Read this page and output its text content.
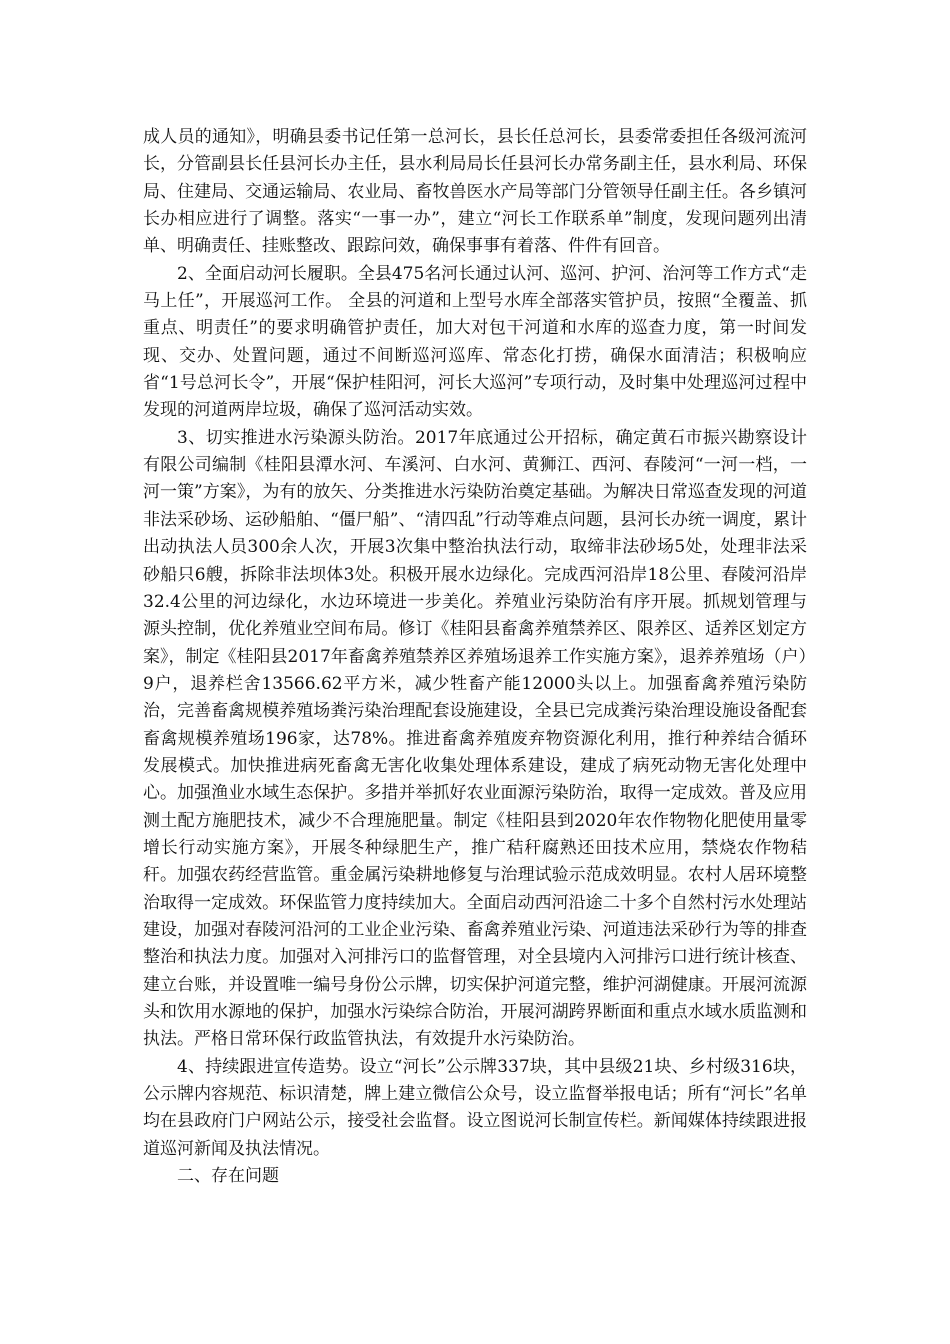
成人员的通知》，明确县委书记任第一总河长，县长任总河长，县委常委担任各级河流河长，分管副县长任县河长办主任，县水利局局长任县河长办常务副主任，县水利局、环保局、住建局、交通运输局、农业局、畜牧兽医水产局等部门分管领导任副主任。各乡镇河长办相应进行了调整。落实“一事一办”，建立“河长工作联系单”制度，发现问题列出清单、明确责任、挂账整改、跟踪问效，确保事事有着落、件件有回音。

2、全面启动河长履职。全县475名河长通过认河、巡河、护河、治河等工作方式“走马上任”，开展巡河工作。 全县的河道和上型号水库全部落实管护员，按照“全覆盖、抓重点、明责任”的要求明确管护责任，加大对包干河道和水库的巡查力度，第一时间发现、交办、处置问题，通过不间断巡河巡库、常态化打捞，确保水面清洁；积极响应省“1号总河长令”，开展“保护桂阳河，河长大巡河”专项行动，及时集中处理巡河过程中发现的河道两岸垃圾，确保了巡河活动实效。

3、切实推进水污染源头防治。2017年底通过公开招标，确定黄石市振兴勘察设计有限公司编制《桂阳县潭水河、车溪河、白水河、黄狮江、西河、春陵河“一河一档，一河一策”方案》，为有的放矢、分类推进水污染防治奠定基础。为解决日常巡查发现的河道非法采砂场、运砂船舶、“僵尸船”、“清四乱”行动等难点问题，县河长办统一调度，累计出动执法人员300余人次，开展3次集中整治执法行动，取缔非法砂场5处，处理非法采砂船只6艘，拆除非法坝体3处。积极开展水边绿化。完成西河沿岸18公里、春陵河沿岸32.4公里的河边绿化，水边环境进一步美化。养殖业污染防治有序开展。抓规划管理与源头控制，优化养殖业空间布局。修订《桂阳县畜禽养殖禁养区、限养区、适养区划定方案》，制定《桂阳县2017年畜禽养殖禁养区养殖场退养工作实施方案》，退养养殖场（户）9户，退养栏舍13566.62平方米，减少牲畜产能12000头以上。加强畜禽养殖污染防治，完善畜禽规模养殖场粪污染治理配套设施建设，全县已完成粪污染治理设施设备配套畜禽规模养殖场196家，达78%。推进畜禽养殖废弃物资源化利用，推行种养结合循环发展模式。加快推进病死畜禽无害化收集处理体系建设，建成了病死动物无害化处理中心。加强渔业水域生态保护。多措并举抓好农业面源污染防治，取得一定成效。普及应用测土配方施肥技术，减少不合理施肥量。制定《桂阳县到2020年农作物物化肥使用量零增长行动实施方案》，开展冬种绿肥生产，推广秸秆腐熟还田技术应用，禁烧农作物秸秆。加强农药经营监管。重金属污染耕地修复与治理试验示范成效明显。农村人居环境整治取得一定成效。环保监管力度持续加大。全面启动西河沿途二十多个自然村污水处理站建设，加强对春陵河沿河的工业企业污染、畜禽养殖业污染、河道违法采砂行为等的排查整治和执法力度。加强对入河排污口的监督管理，对全县境内入河排污口进行统计核查、建立台账，并设置唯一编号身份公示牌，切实保护河道完整，维护河湖健康。开展河流源头和饮用水源地的保护，加强水污染综合防治，开展河湖跨界断面和重点水域水质监测和执法。严格日常环保行政监管执法，有效提升水污染防治。

4、持续跟进宣传造势。设立“河长”公示牌337块，其中县级21块、乡村级316块，公示牌内容规范、标识清楚，牌上建立微信公众号，设立监督举报电话；所有“河长”名单均在县政府门户网站公示，接受社会监督。设立图说河长制宣传栏。新闻媒体持续跟进报道巡河新闻及执法情况。

二、存在问题
